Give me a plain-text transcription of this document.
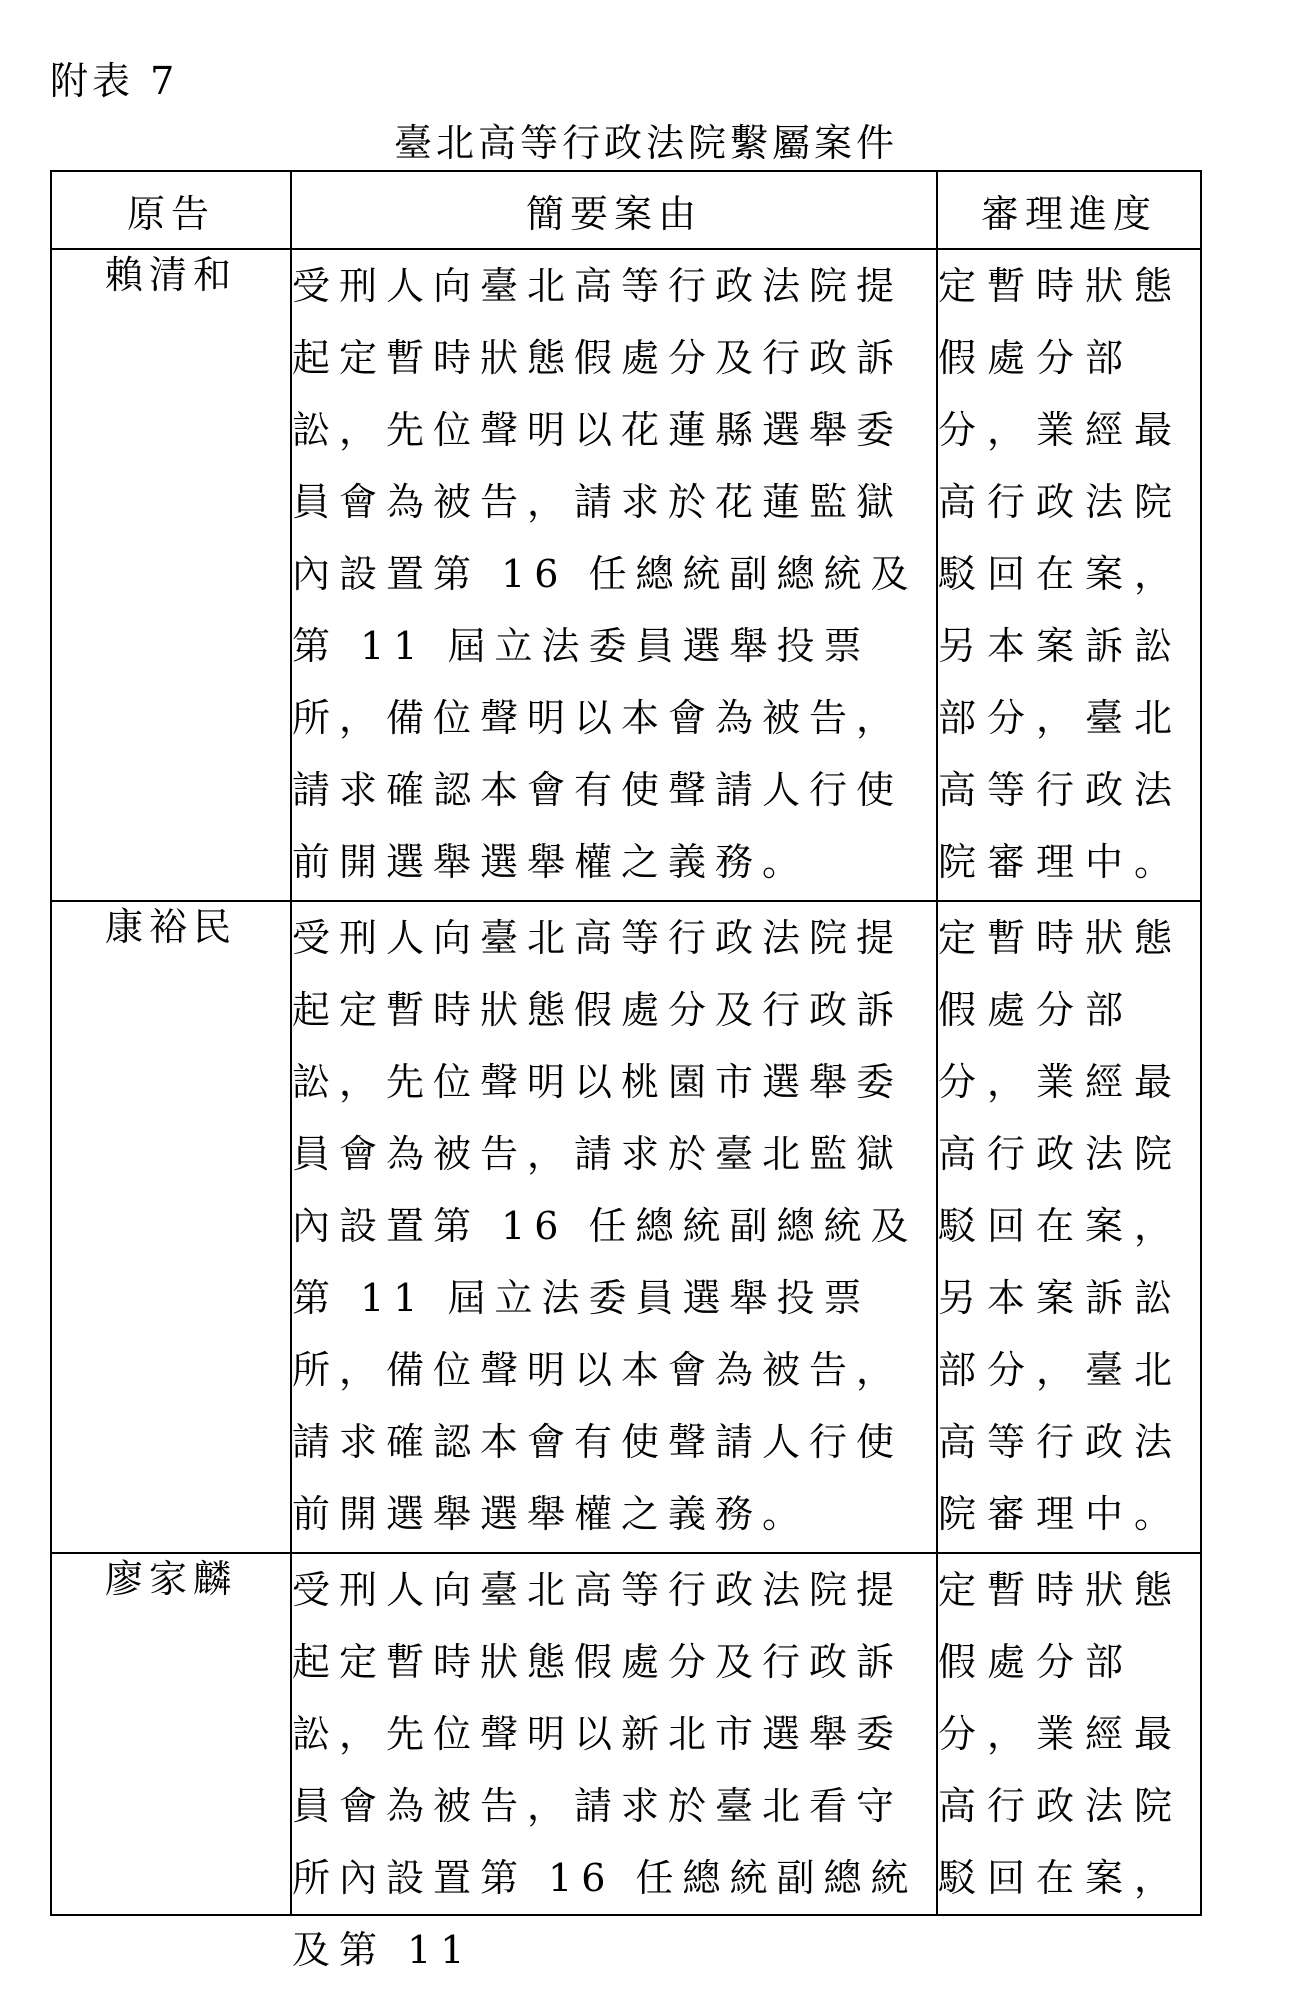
附表 7
臺北高等行政法院繫屬案件
原告	簡要案由	審理進度
賴清和	受刑人向臺北高等行政法院提起定暫時狀態假處分及行政訴訟，先位聲明以花蓮縣選舉委員會為被告，請求於花蓮監獄內設置第 16 任總統副總統及第 11 屆立法委員選舉投票所，備位聲明以本會為被告，請求確認本會有使聲請人行使前開選舉選舉權之義務。	定暫時狀態假處分部分，業經最高行政法院駁回在案，另本案訴訟部分，臺北高等行政法院審理中。
康裕民	受刑人向臺北高等行政法院提起定暫時狀態假處分及行政訴訟，先位聲明以桃園市選舉委員會為被告，請求於臺北監獄內設置第 16 任總統副總統及第 11 屆立法委員選舉投票所，備位聲明以本會為被告，請求確認本會有使聲請人行使前開選舉選舉權之義務。	定暫時狀態假處分部分，業經最高行政法院駁回在案，另本案訴訟部分，臺北高等行政法院審理中。
廖家麟	受刑人向臺北高等行政法院提起定暫時狀態假處分及行政訴訟，先位聲明以新北市選舉委員會為被告，請求於臺北看守所內設置第 16 任總統副總統及第 11	定暫時狀態假處分部分，業經最高行政法院駁回在案，
